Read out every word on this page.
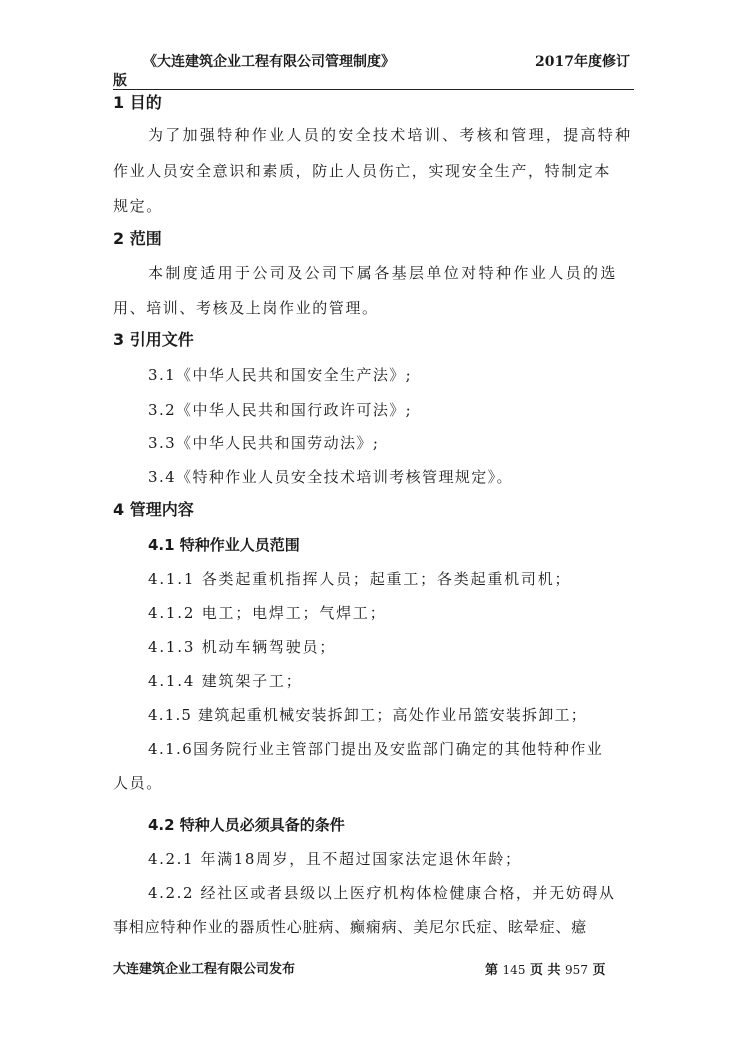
《大连建筑企业工程有限公司管理制度》	2017年度修订
版
1 目的
为了加强特种作业人员的安全技术培训、考核和管理，提高特种
作业人员安全意识和素质，防止人员伤亡，实现安全生产，特制定本
规定。
2 范围
本制度适用于公司及公司下属各基层单位对特种作业人员的选
用、培训、考核及上岗作业的管理。
3 引用文件
3.1《中华人民共和国安全生产法》;
3.2《中华人民共和国行政许可法》;
3.3《中华人民共和国劳动法》;
3.4《特种作业人员安全技术培训考核管理规定》。
4 管理内容
4.1 特种作业人员范围
4.1.1 各类起重机指挥人员；起重工；各类起重机司机；
4.1.2 电工；电焊工；气焊工；
4.1.3 机动车辆驾驶员；
4.1.4 建筑架子工；
4.1.5 建筑起重机械安装拆卸工；高处作业吊篮安装拆卸工；
4.1.6国务院行业主管部门提出及安监部门确定的其他特种作业
人员。
4.2 特种人员必须具备的条件
4.2.1 年满18周岁，且不超过国家法定退休年龄；
4.2.2 经社区或者县级以上医疗机构体检健康合格，并无妨碍从
事相应特种作业的器质性心脏病、癫痫病、美尼尔氏症、眩晕症、癔
大连建筑企业工程有限公司发布	第 145 页 共 957 页
